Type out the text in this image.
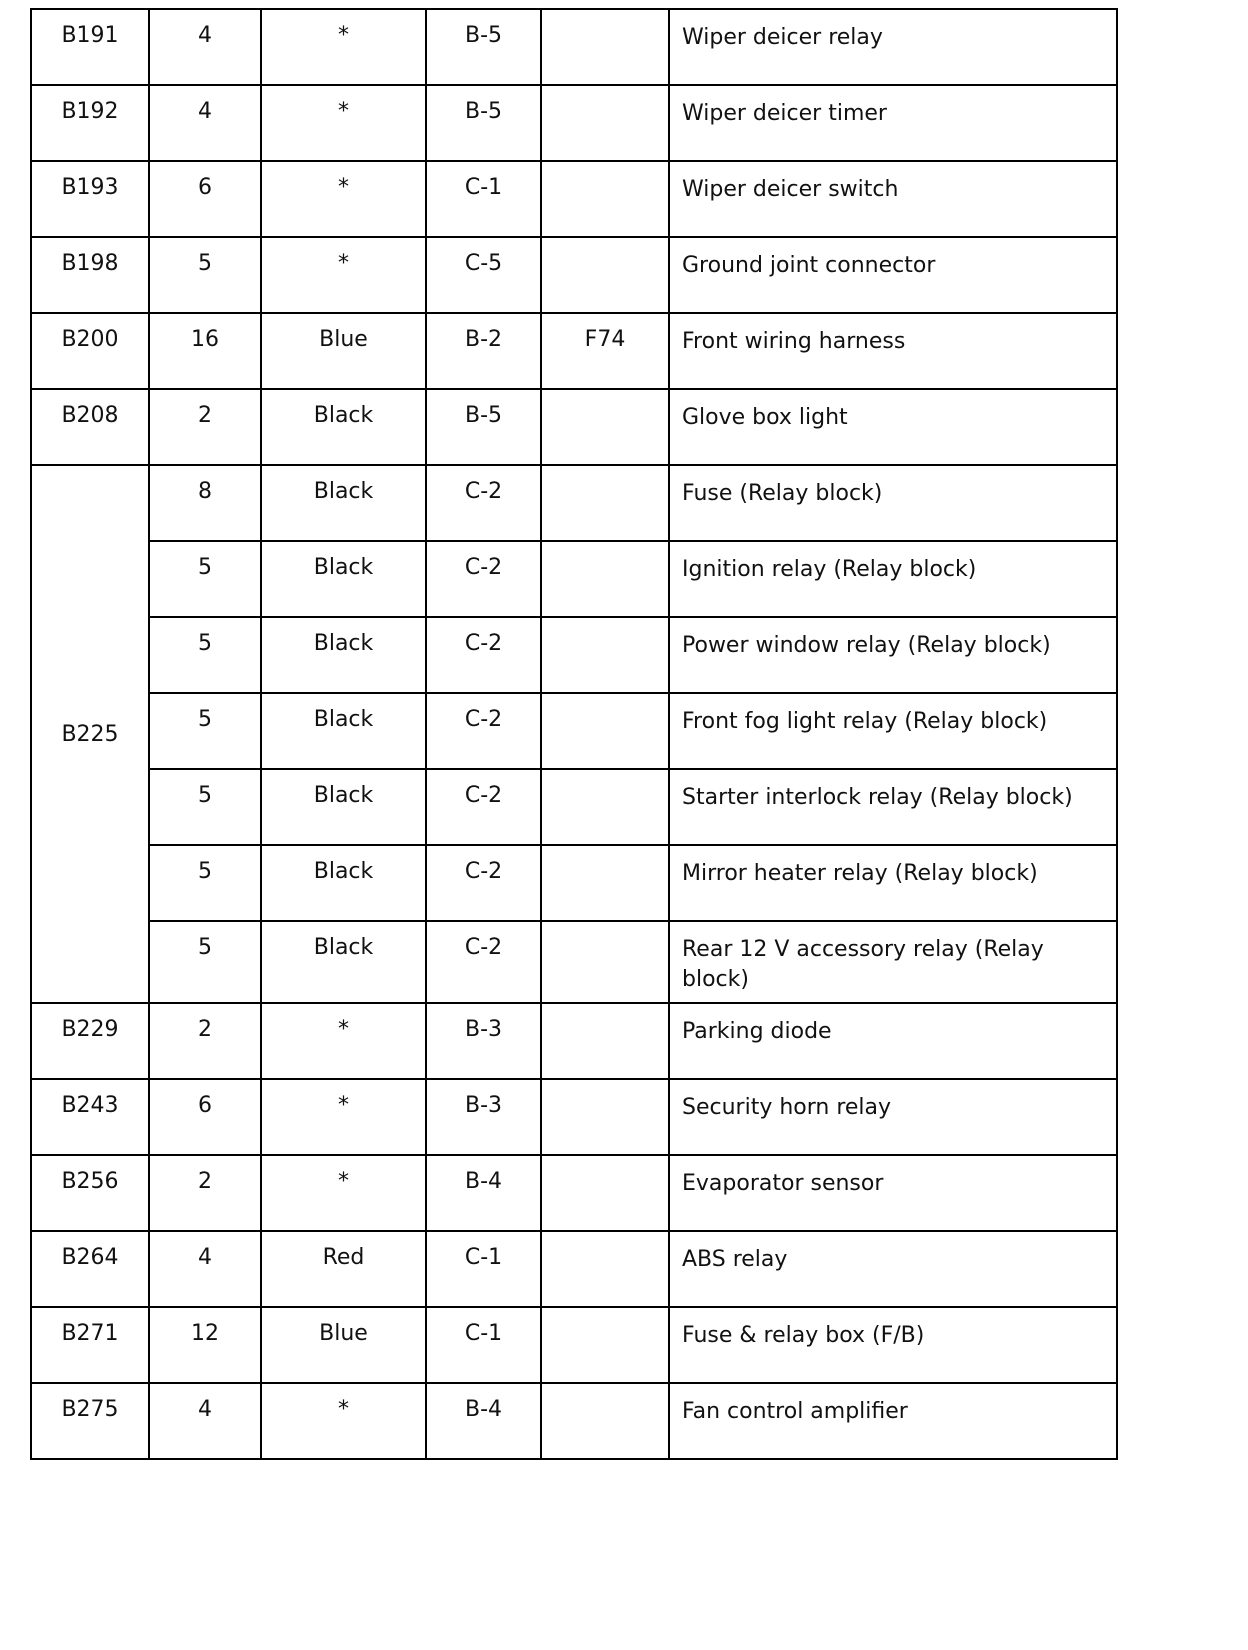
B191	4	*	B-5		Wiper deicer relay
B192	4	*	B-5		Wiper deicer timer
B193	6	*	C-1		Wiper deicer switch
B198	5	*	C-5		Ground joint connector
B200	16	Blue	B-2	F74	Front wiring harness
B208	2	Black	B-5		Glove box light
B225	8	Black	C-2		Fuse (Relay block)
	5	Black	C-2		Ignition relay (Relay block)
	5	Black	C-2		Power window relay (Relay block)
	5	Black	C-2		Front fog light relay (Relay block)
	5	Black	C-2		Starter interlock relay (Relay block)
	5	Black	C-2		Mirror heater relay (Relay block)
	5	Black	C-2		Rear 12 V accessory relay (Relay block)
B229	2	*	B-3		Parking diode
B243	6	*	B-3		Security horn relay
B256	2	*	B-4		Evaporator sensor
B264	4	Red	C-1		ABS relay
B271	12	Blue	C-1		Fuse & relay box (F/B)
B275	4	*	B-4		Fan control amplifier
